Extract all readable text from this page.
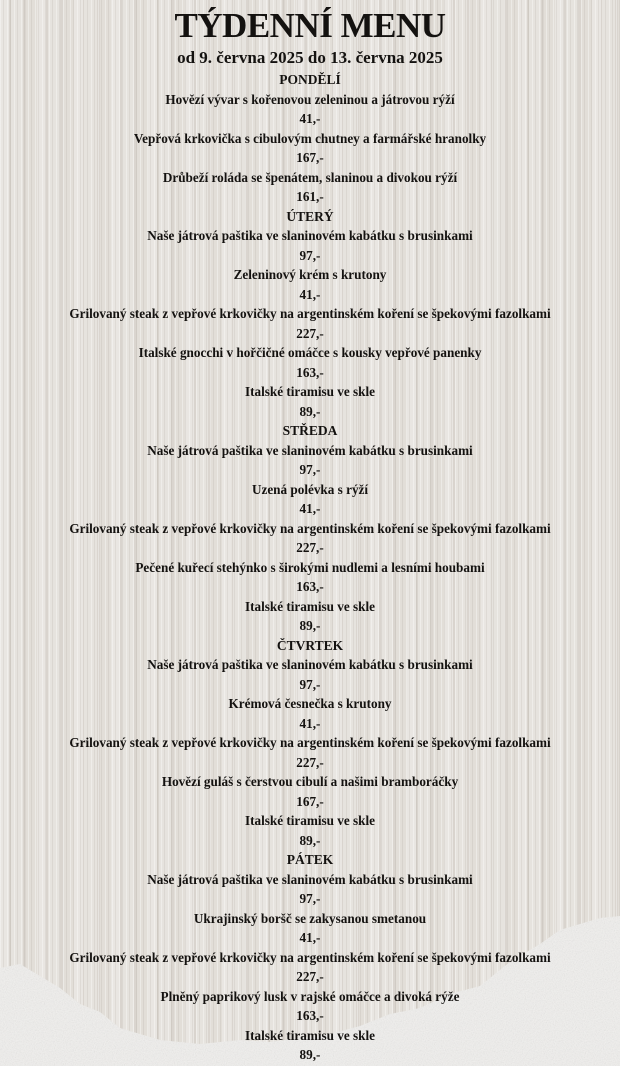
TÝDENNÍ MENU
od 9. června 2025 do 13. června 2025
PONDĚLÍ
Hovězí vývar s kořenovou zeleninou a játrovou rýží
41,-
Vepřová krkovička s cibulovým chutney a farmářské hranolky
167,-
Drůbeží roláda se špenátem, slaninou a divokou rýží
161,-
ÚTERÝ
Naše játrová paštika ve slaninovém kabátku s brusinkami
97,-
Zeleninový krém s krutony
41,-
Grilovaný steak z vepřové krkovičky na argentinském koření se špekovými fazolkami
227,-
Italské gnocchi v hořčičné omáčce s kousky vepřové panenky
163,-
Italské tiramisu ve skle
89,-
STŘEDA
Naše játrová paštika ve slaninovém kabátku s brusinkami
97,-
Uzená polévka s rýží
41,-
Grilovaný steak z vepřové krkovičky na argentinském koření se špekovými fazolkami
227,-
Pečené kuřecí stehýnko s širokými nudlemi a lesními houbami
163,-
Italské tiramisu ve skle
89,-
ČTVRTEK
Naše játrová paštika ve slaninovém kabátku s brusinkami
97,-
Krémová česnečka s krutony
41,-
Grilovaný steak z vepřové krkovičky na argentinském koření se špekovými fazolkami
227,-
Hovězí guláš s čerstvou cibulí a našimi bramboráčky
167,-
Italské tiramisu ve skle
89,-
PÁTEK
Naše játrová paštika ve slaninovém kabátku s brusinkami
97,-
Ukrajinský boršč se zakysanou smetanou
41,-
Grilovaný steak z vepřové krkovičky na argentinském koření se špekovými fazolkami
227,-
Plněný paprikový lusk v rajské omáčce a divoká rýže
163,-
Italské tiramisu ve skle
89,-
